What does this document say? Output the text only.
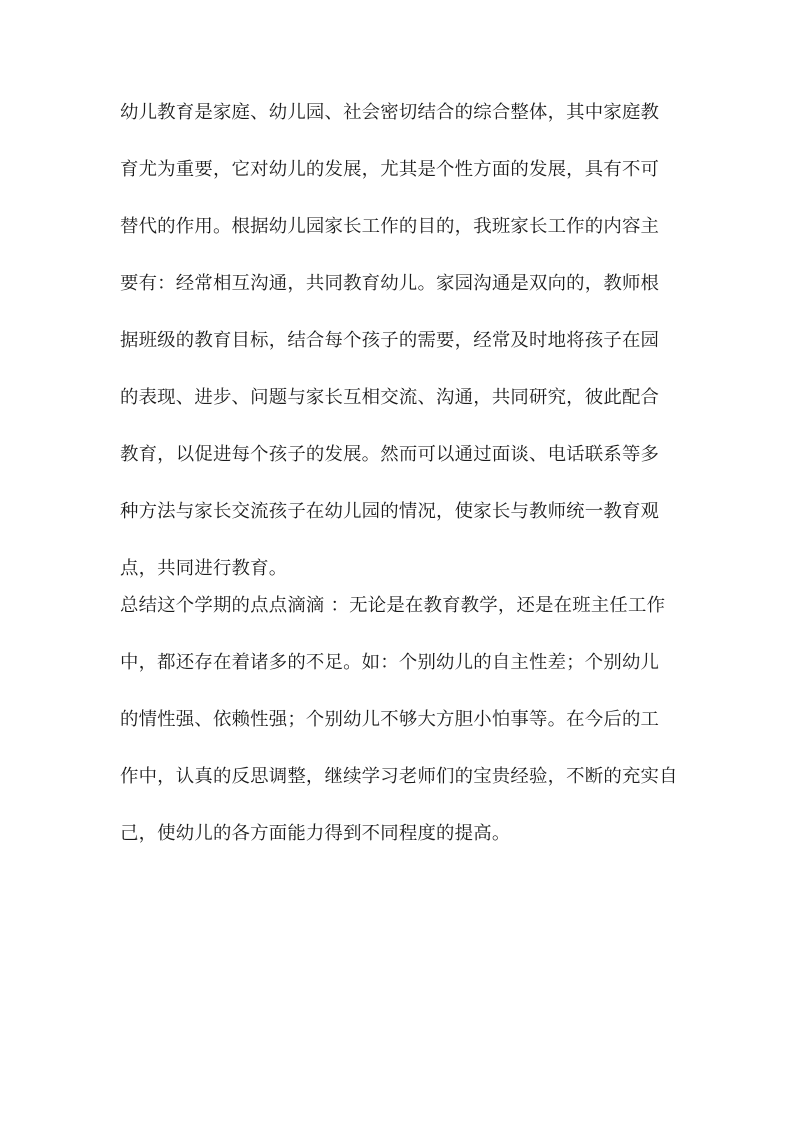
幼儿教育是家庭、幼儿园、社会密切结合的综合整体，其中家庭教
育尤为重要，它对幼儿的发展，尤其是个性方面的发展，具有不可
替代的作用。根据幼儿园家长工作的目的，我班家长工作的内容主
要有：经常相互沟通，共同教育幼儿。家园沟通是双向的，教师根
据班级的教育目标，结合每个孩子的需要，经常及时地将孩子在园
的表现、进步、问题与家长互相交流、沟通，共同研究，彼此配合
教育，以促进每个孩子的发展。然而可以通过面谈、电话联系等多
种方法与家长交流孩子在幼儿园的情况，使家长与教师统一教育观
点，共同进行教育。
总结这个学期的点点滴滴 ：无论是在教育教学，还是在班主任工作
中，都还存在着诸多的不足。如：个别幼儿的自主性差；个别幼儿
的情性强、依赖性强；个别幼儿不够大方胆小怕事等。在今后的工
作中，认真的反思调整，继续学习老师们的宝贵经验，不断的充实自
己，使幼儿的各方面能力得到不同程度的提高。
